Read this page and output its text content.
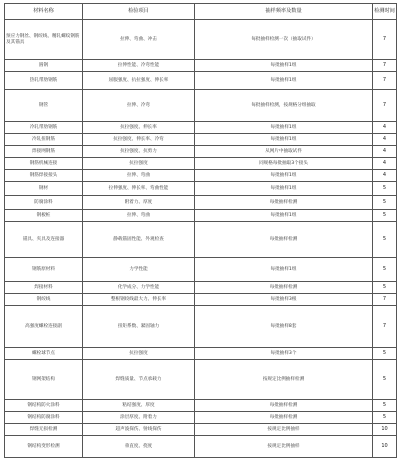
材料名称	检验项目	抽样频率及数量	检测时间
预应力钢丝、钢绞线、精轧螺纹钢筋及其锚具	拉伸、弯曲、冲击	每批抽样检测一次（抽取试件）	7
圆钢	拉伸性能、冷弯性能	每批抽样1组	7
热轧带肋钢筋	屈服强度、抗拉强度、伸长率	每批抽样1组	7
钢管	拉伸、冷弯	每批抽样检测，按规格分组抽取	7
冷轧带肋钢筋	抗拉强度、伸长率	每批抽样1组	4
冷轧扭钢筋	抗拉强度、伸长率、冷弯	每批抽样1组	4
焊接网钢筋	抗拉强度、抗剪力	从网片中抽取试件	4
钢筋机械连接	抗拉强度	同规格每批抽取3个接头	4
钢筋焊接接头	拉伸、弯曲	每批抽样1组	4
钢材	拉伸强度、伸长率、弯曲性能	每批抽样1组	5
防腐涂料	附着力、厚度	每批抽样检测	5
钢板桩	拉伸、弯曲	每批抽样1组	5
锚具、夹具及连接器	静载锚固性能、外观检查	每批抽样检测	5
钢筋原材料	力学性能	每批抽样1组	5
焊接材料	化学成分、力学性能	每批抽样检测	5
钢绞线	整根钢绞线最大力、伸长率	每批抽样3根	7
高强度螺栓连接副	扭矩系数、紧固轴力	每批抽样8套	7
螺栓球节点	抗拉强度	每批抽样3个	5
钢网架结构	焊缝质量、节点承载力	按规定比例抽样检测	5
钢结构防火涂料	粘结强度、厚度	每批抽样检测	5
钢结构防腐涂料	涂层厚度、附着力	每批抽样检测	5
焊缝无损检测	超声波探伤、射线探伤	按规定比例抽样	10
钢结构变形检测	垂直度、挠度	按规定比例抽样	10
